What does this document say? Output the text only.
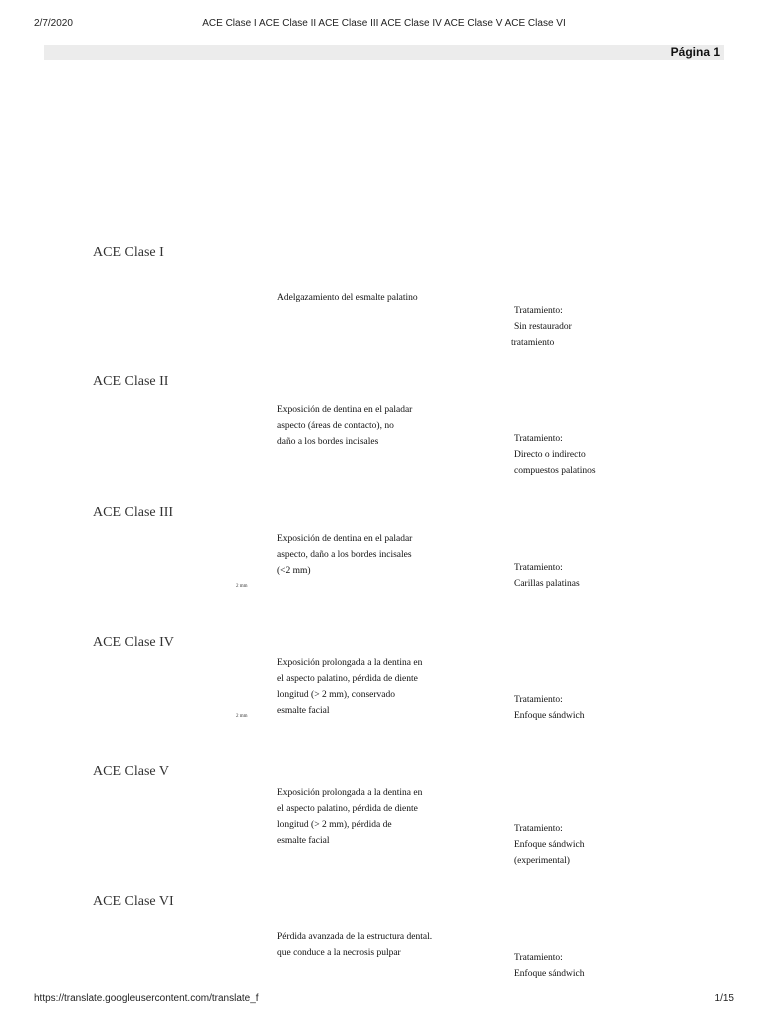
2/7/2020	ACE Clase I ACE Clase II ACE Clase III ACE Clase IV ACE Clase V ACE Clase VI
Página 1
ACE Clase I
Adelgazamiento del esmalte palatino
Tratamiento:
Sin restaurador
tratamiento
ACE Clase II
Exposición de dentina en el paladar
aspecto (áreas de contacto), no
daño a los bordes incisales	Tratamiento:
Directo o indirecto
compuestos palatinos
ACE Clase III
Exposición de dentina en el paladar
aspecto, daño a los bordes incisales
(<2 mm)	Tratamiento:
Carillas palatinas
2 mm
ACE Clase IV
Exposición prolongada a la dentina en
el aspecto palatino, pérdida de diente
longitud (> 2 mm), conservado
esmalte facial
Tratamiento:
Enfoque sándwich
2 mm
ACE Clase V
Exposición prolongada a la dentina en
el aspecto palatino, pérdida de diente
longitud (> 2 mm), pérdida de
esmalte facial
Tratamiento:
Enfoque sándwich
(experimental)
ACE Clase VI
Pérdida avanzada de la estructura dental.
que conduce a la necrosis pulpar	Tratamiento:
Enfoque sándwich
https://translate.googleusercontent.com/translate_f	1/15
